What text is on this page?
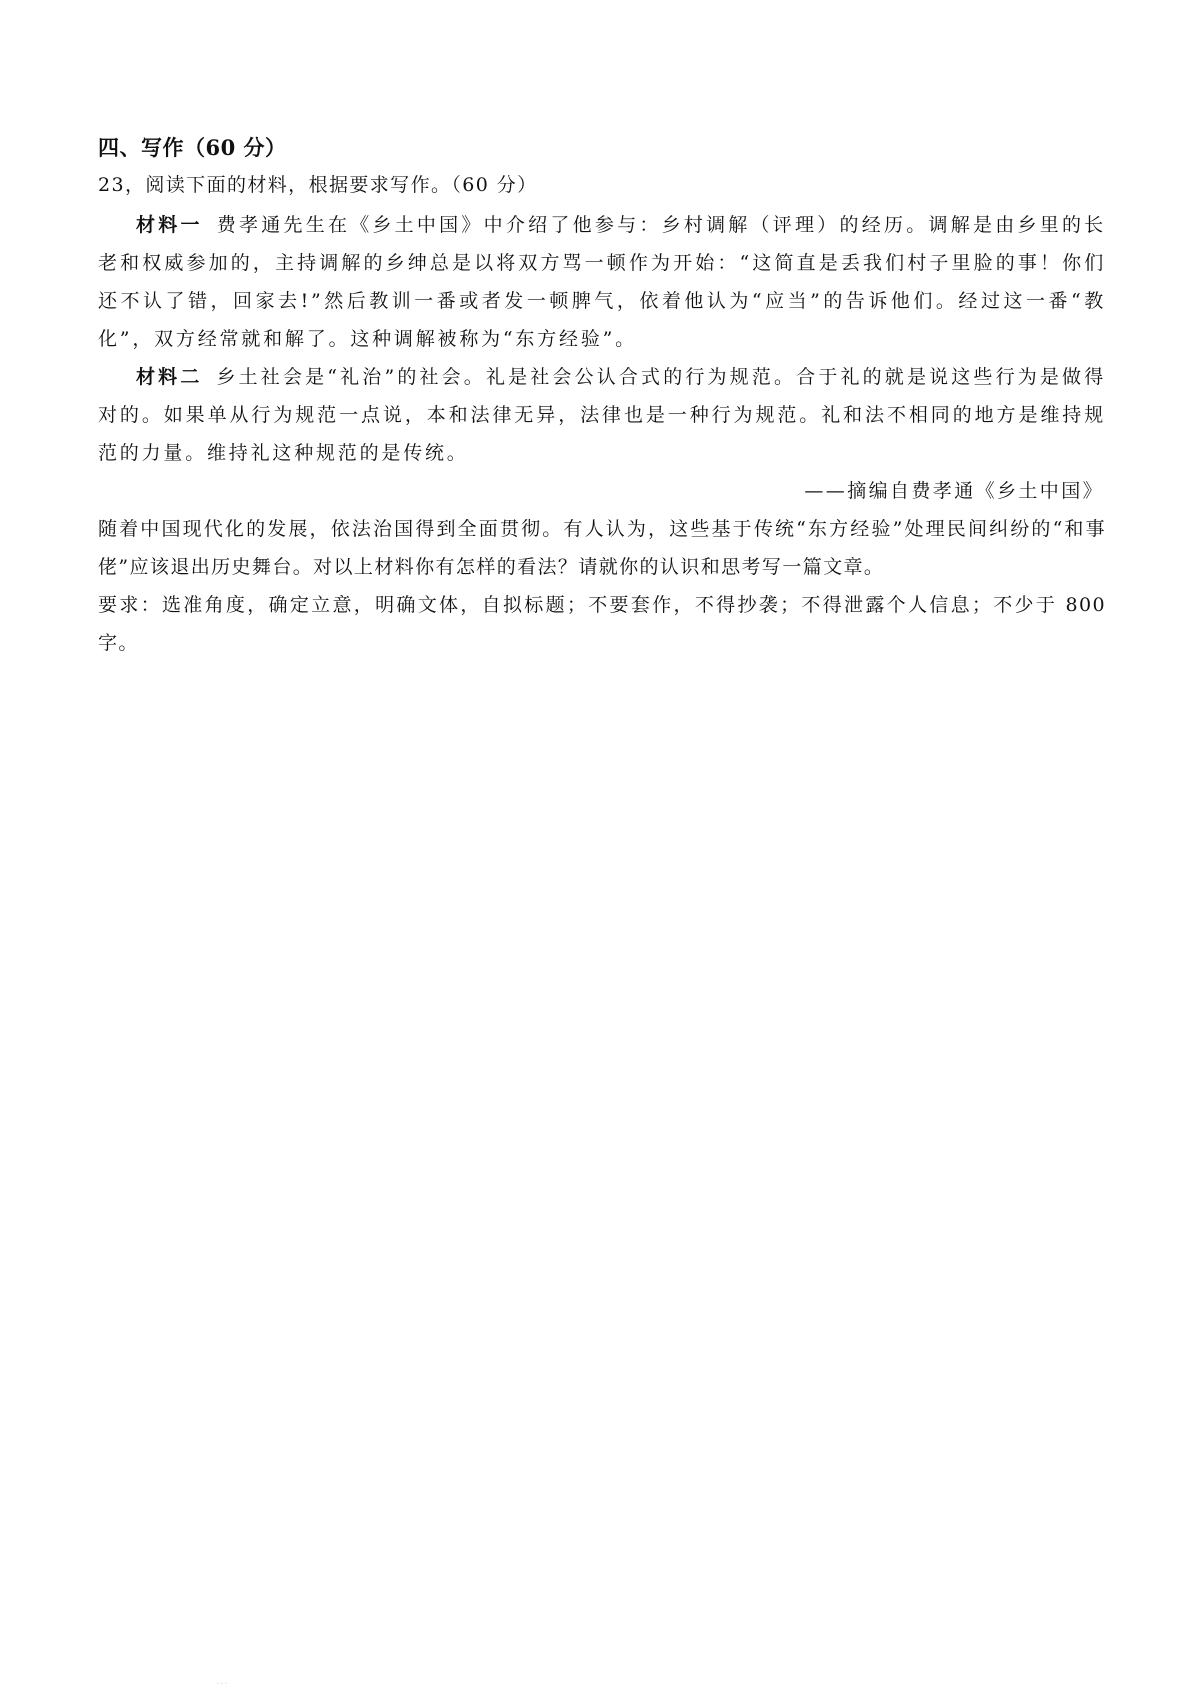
四、写作（60 分）

23，阅读下面的材料，根据要求写作。（60 分）

材料一 费孝通先生在《乡土中国》中介绍了他参与：乡村调解（评理）的经历。调解是由乡里的长老和权威参加的，主持调解的乡绅总是以将双方骂一顿作为开始：“这简直是丢我们村子里脸的事！你们还不认了错，回家去!”然后教训一番或者发一顿脾气，依着他认为“应当”的告诉他们。经过这一番“教化”，双方经常就和解了。这种调解被称为“东方经验”。

材料二 乡土社会是“礼治”的社会。礼是社会公认合式的行为规范。合于礼的就是说这些行为是做得对的。如果单从行为规范一点说，本和法律无异，法律也是一种行为规范。礼和法不相同的地方是维持规范的力量。维持礼这种规范的是传统。

——摘编自费孝通《乡土中国》

随着中国现代化的发展，依法治国得到全面贯彻。有人认为，这些基于传统“东方经验”处理民间纠纷的“和事佬”应该退出历史舞台。对以上材料你有怎样的看法？请就你的认识和思考写一篇文章。

要求：选准角度，确定立意，明确文体，自拟标题；不要套作，不得抄袭；不得泄露个人信息；不少于 800 字。

...
